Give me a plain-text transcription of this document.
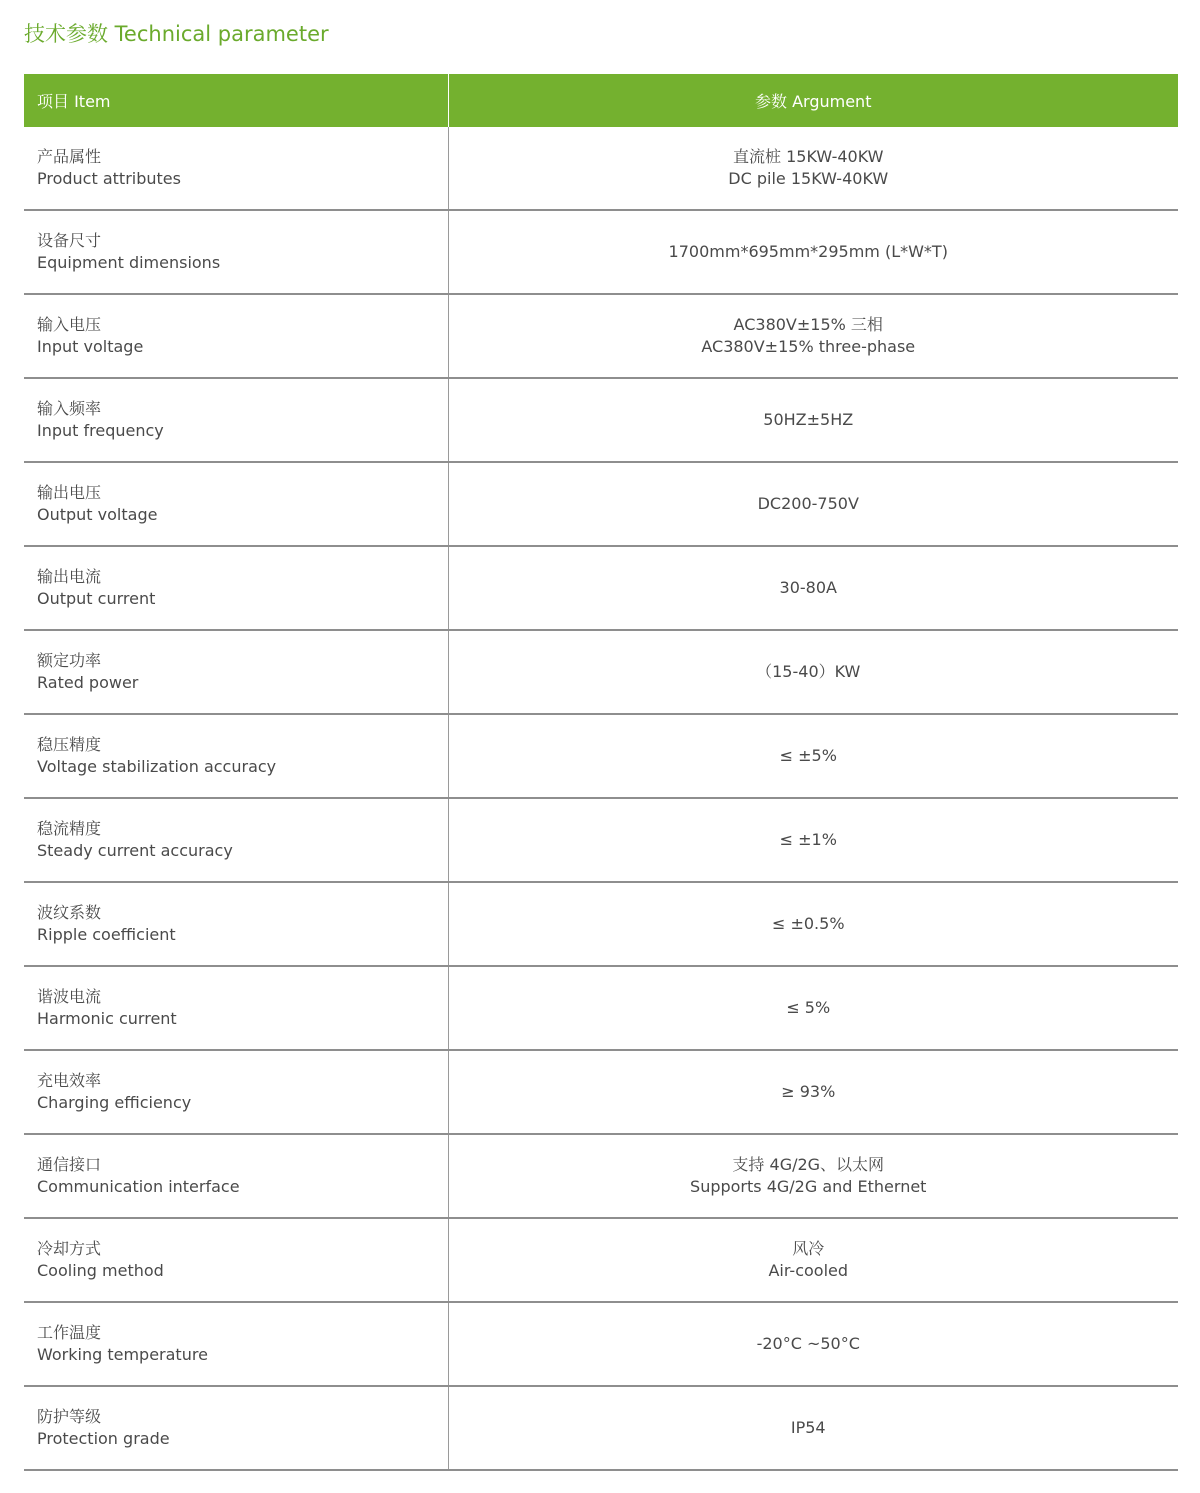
技术参数 Technical parameter
项目 Item	参数 Argument

产品属性
Product attributes	直流桩 15KW-40KW
DC pile 15KW-40KW

设备尺寸
Equipment dimensions	1700mm*695mm*295mm (L*W*T)

输入电压
Input voltage	AC380V±15% 三相
AC380V±15% three-phase

输入频率
Input frequency	50HZ±5HZ

输出电压
Output voltage	DC200-750V

输出电流
Output current	30-80A

额定功率
Rated power	（15-40）KW

稳压精度
Voltage stabilization accuracy	≤ ±5%

稳流精度
Steady current accuracy	≤ ±1%

波纹系数
Ripple coefficient	≤ ±0.5%

谐波电流
Harmonic current	≤ 5%

充电效率
Charging efficiency	≥ 93%

通信接口
Communication interface	支持 4G/2G、以太网
Supports 4G/2G and Ethernet

冷却方式
Cooling method	风冷
Air-cooled

工作温度
Working temperature	-20°C ~50°C

防护等级
Protection grade	IP54
